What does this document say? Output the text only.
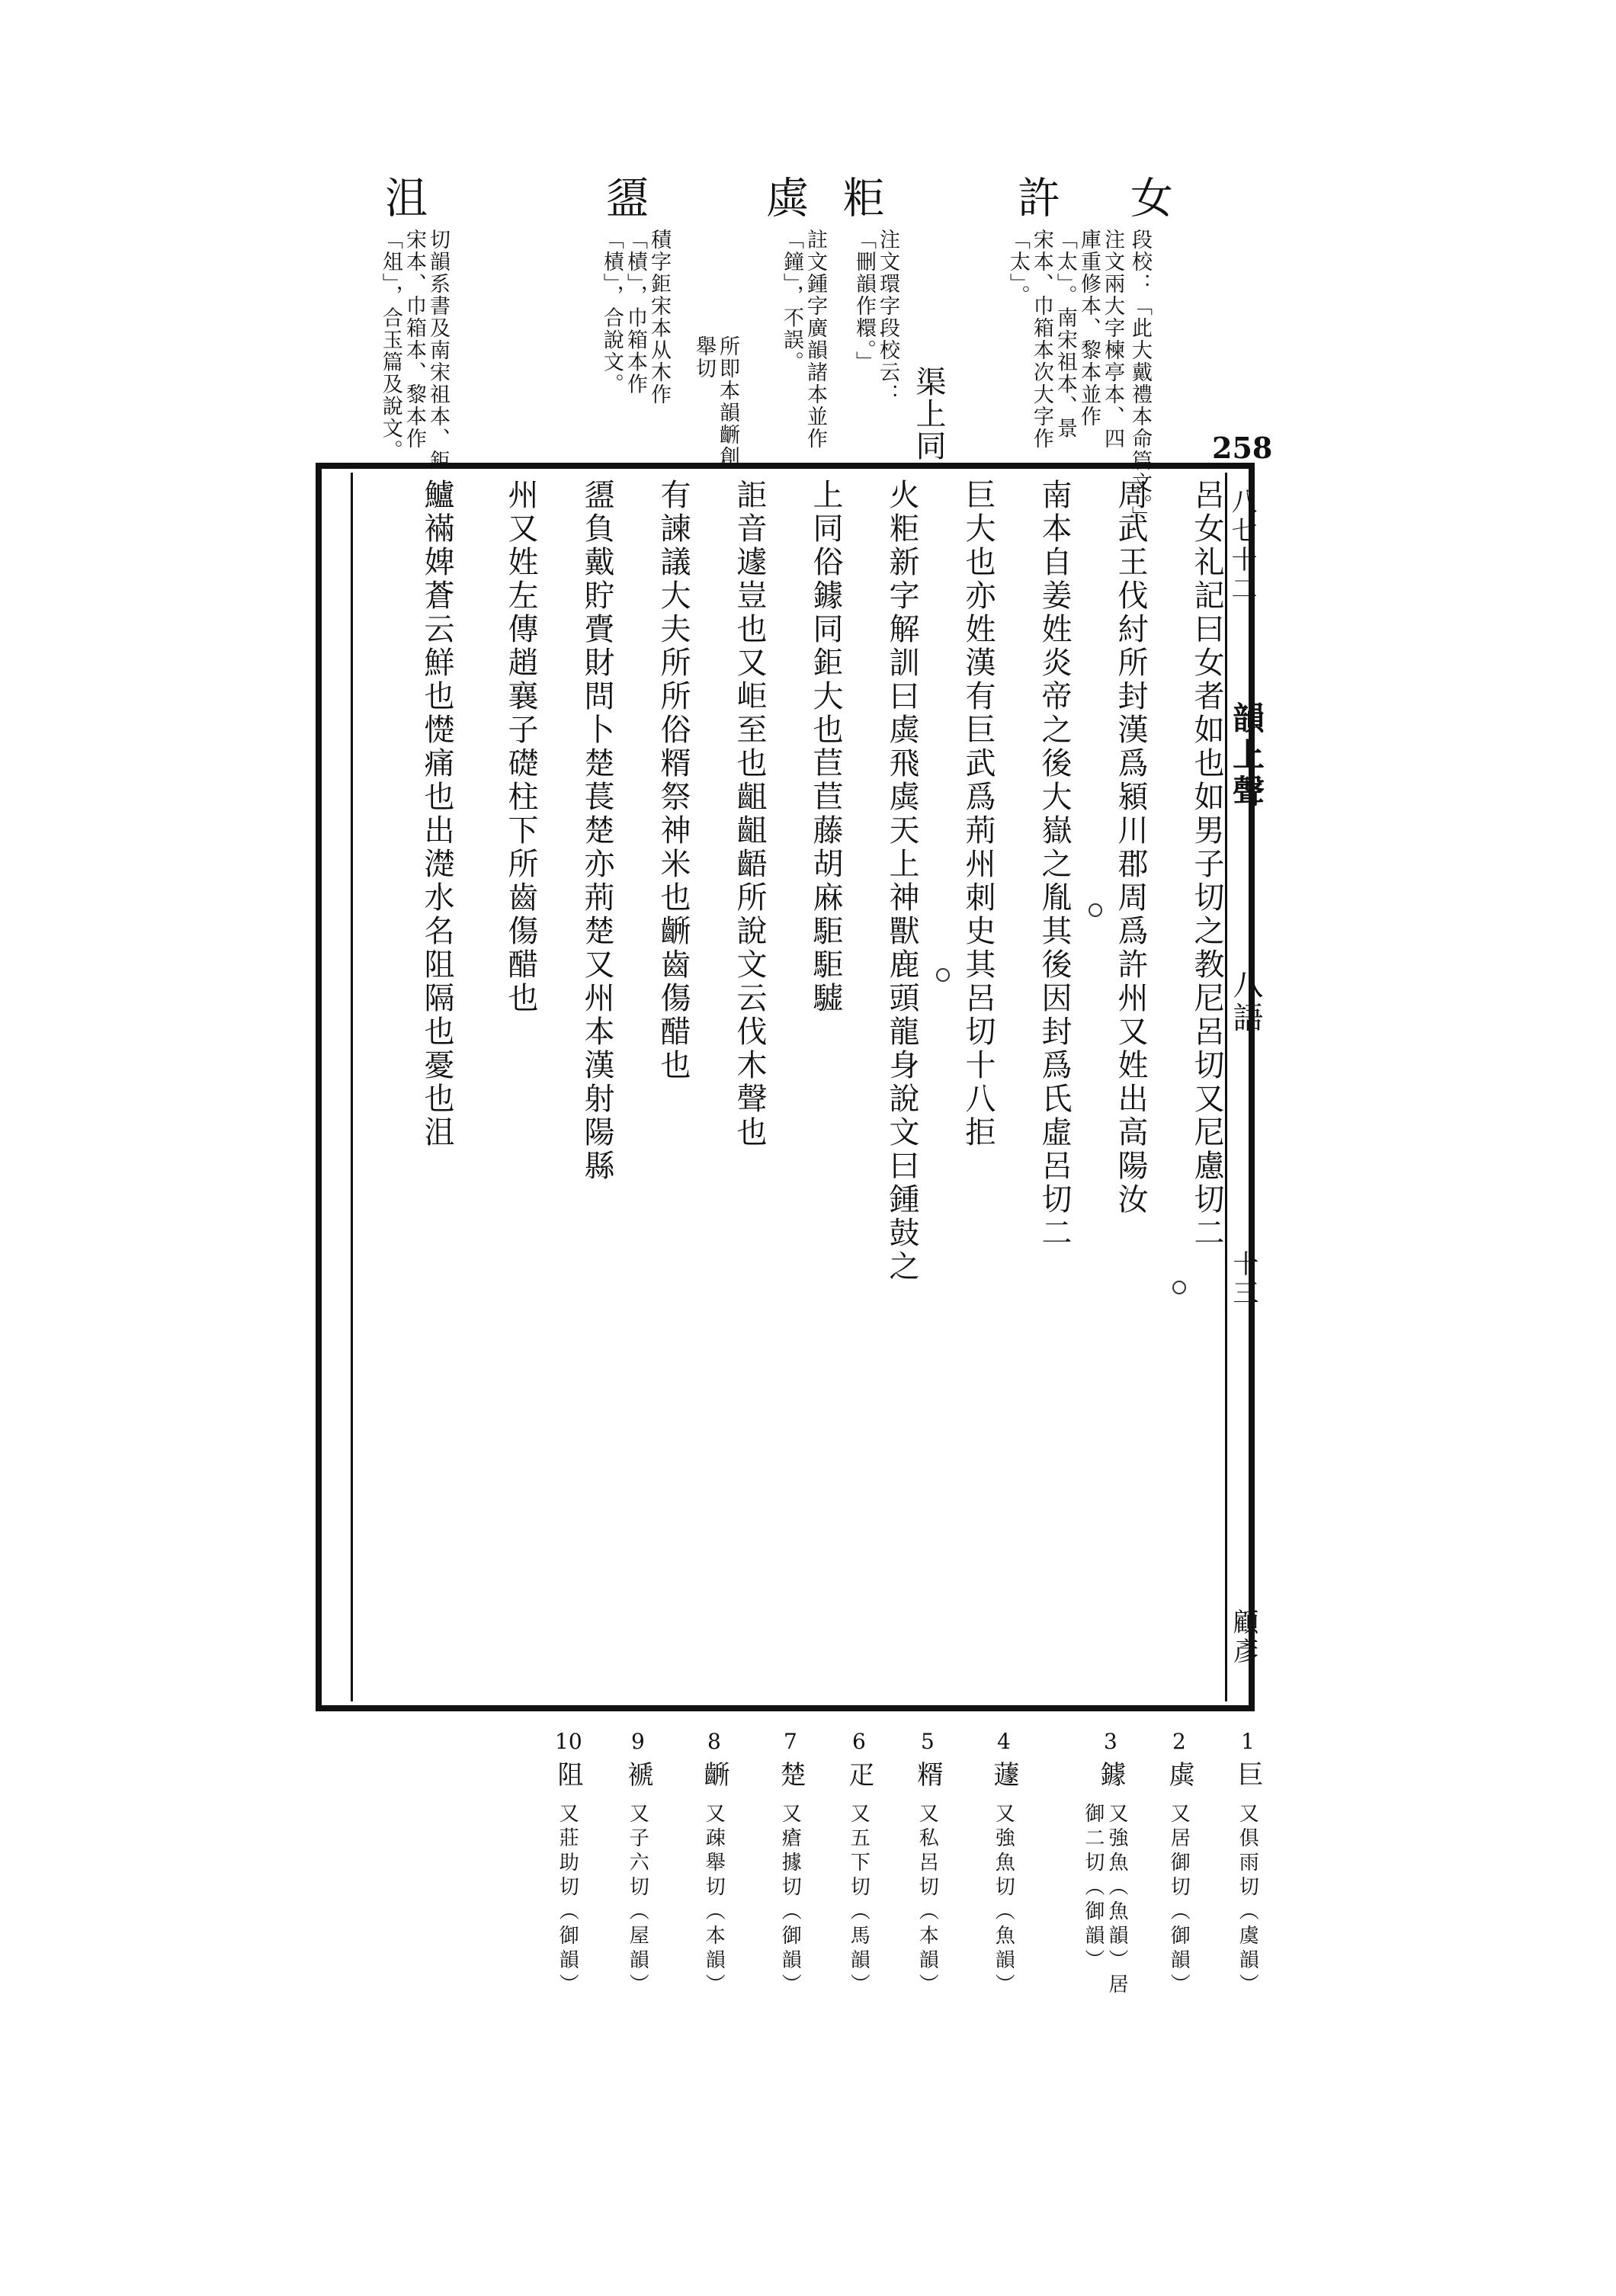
女
段校：「此大戴禮本命篇文。」
許
注文兩大字楝亭本、四庫重修本、黎本並作「太」。南宋祖本、景宋本、巾箱本次大字作「太」。
粔
注文環字段校云：「刪韻作糫。」
渠上同
虡
註文鍾字廣韻諸本並作「鐘」，不誤。
所即本韻齭創舉切
盨
積字鉅宋本从木作「樍」，巾箱本作「樍」，合說文。
沮
切韻系書及南宋祖本、鉅宋本、巾箱本、黎本作「俎」，合玉篇及說文。	258
八七十二
韻上聲
八語
十三
顧彥
呂女礼記曰女者如也如男子切之教尼呂切又尼慮切二
周武王伐紂所封漢爲潁川郡周爲許州又姓出高陽汝
南本自姜姓炎帝之後大嶽之胤其後因封爲氏虛呂切二
巨大也亦姓漢有巨武爲荊州刺史其呂切十八拒
火粔新字解訓曰虡飛虡天上神獸鹿頭龍身說文曰鍾鼓之
上同俗鐻同鉅大也苣苣藤胡麻駏駏驉
詎音遽豈也又岠至也齟齟齬所說文云伐木聲也
有諫議大夫所所俗糈祭神米也齭齒傷醋也
盨負戴貯賷財問卜楚萇楚亦荊楚又州本漢射陽縣
州又姓左傳趙襄子礎柱下所齒傷醋也
鱸襔婢蒼云鮮也憷痛也出濋水名阻隔也憂也沮
1
巨
又俱雨切（虞韻）
2
虡
又居御切（御韻）
3
鐻
又強魚（魚韻）居御二切（御韻）
4
蘧
又強魚切（魚韻）
5
糈
又私呂切（本韻）
6
疋
又五下切（馬韻）
7
楚
又瘡據切（御韻）
8
齭
又疎舉切（本韻）
9
褫
又子六切（屋韻）
10
阻
又莊助切（御韻）
